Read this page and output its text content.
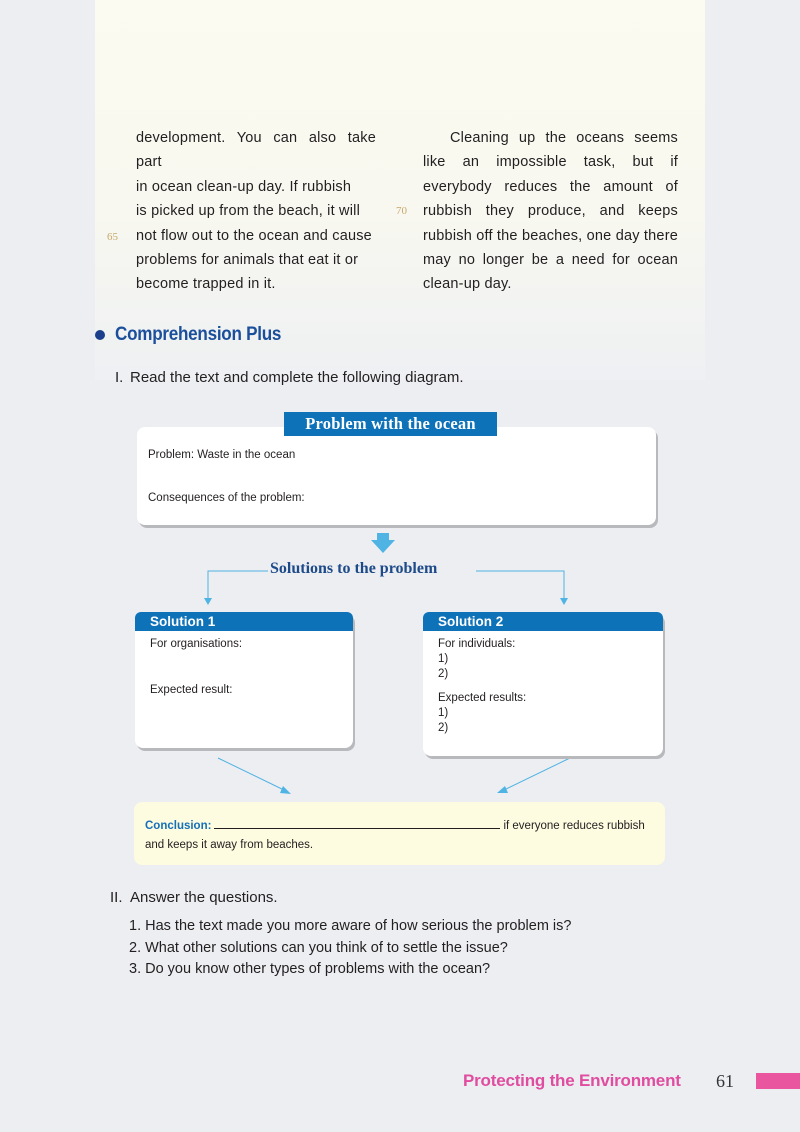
development. You can also take part

in ocean clean-up day. If rubbish

is picked up from the beach, it will

not flow out to the ocean and cause

problems for animals that eat it or

become trapped in it.

Cleaning up the oceans seems like an impossible task, but if everybody reduces the amount of rubbish they produce, and keeps rubbish off the beaches, one day there may no longer be a need for ocean clean-up day.
65
70
Comprehension Plus
I. Read the text and complete the following diagram.
Problem: Waste in the ocean
Consequences of the problem:
Problem with the ocean
Solutions to the problem
Solution 1
For organisations:
Expected result:
Solution 2
For individuals:
1)
2)
Expected results:
1)
2)
Conclusion:	if everyone reduces rubbish
and keeps it away from beaches.
II. Answer the questions.
1. Has the text made you more aware of how serious the problem is?
2. What other solutions can you think of to settle the issue?
3. Do you know other types of problems with the ocean?
Protecting the Environment 61
